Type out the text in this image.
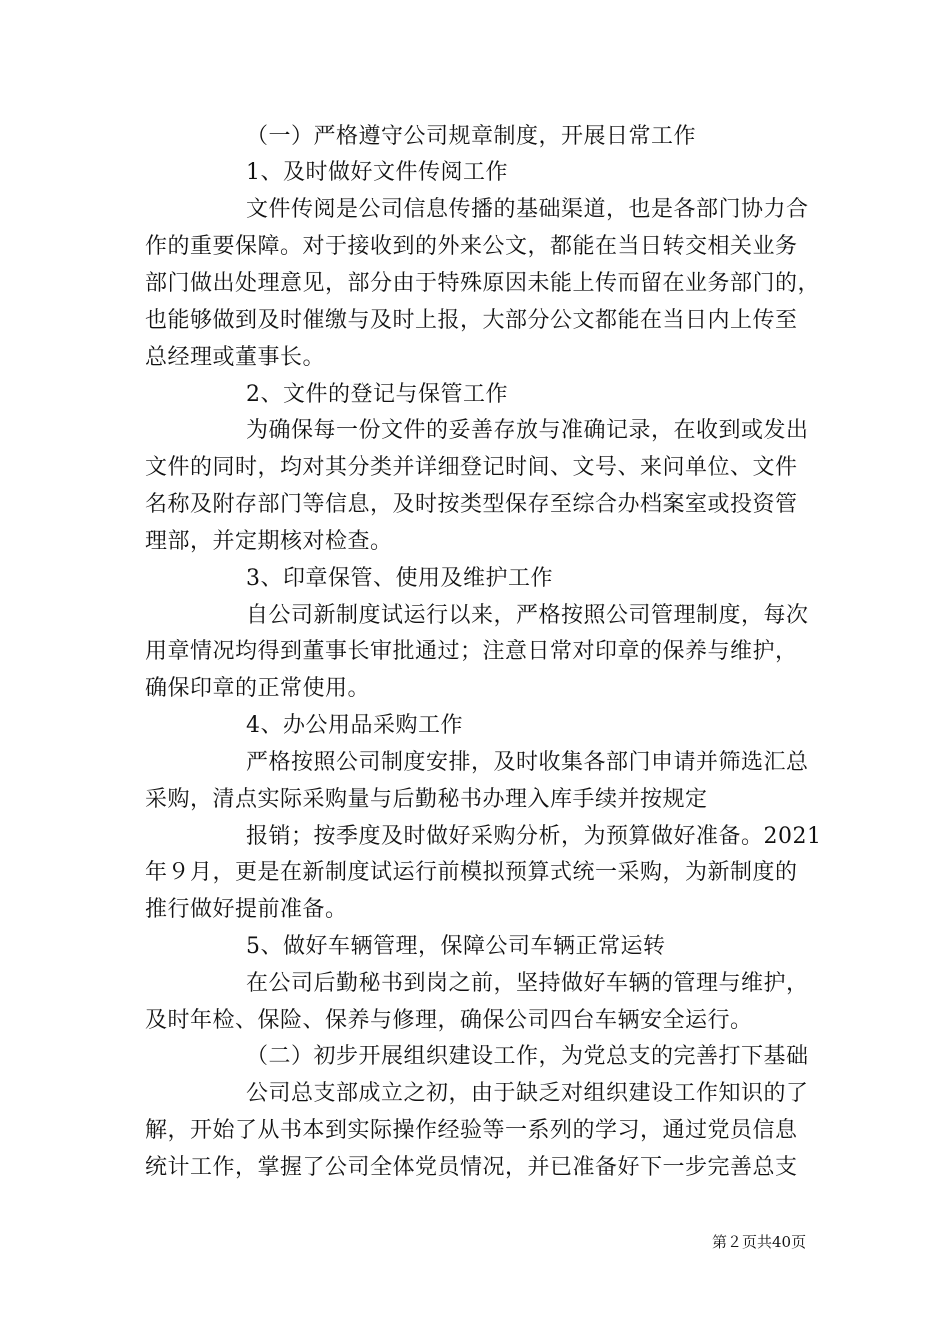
（一）严格遵守公司规章制度，开展日常工作
1、及时做好文件传阅工作
文件传阅是公司信息传播的基础渠道，也是各部门协力合
作的重要保障。对于接收到的外来公文，都能在当日转交相关业务
部门做出处理意见，部分由于特殊原因未能上传而留在业务部门的，
也能够做到及时催缴与及时上报，大部分公文都能在当日内上传至
总经理或董事长。
2、文件的登记与保管工作
为确保每一份文件的妥善存放与准确记录，在收到或发出
文件的同时，均对其分类并详细登记时间、文号、来问单位、文件
名称及附存部门等信息，及时按类型保存至综合办档案室或投资管
理部，并定期核对检查。
3、印章保管、使用及维护工作
自公司新制度试运行以来，严格按照公司管理制度，每次
用章情况均得到董事长审批通过；注意日常对印章的保养与维护，
确保印章的正常使用。
4、办公用品采购工作
严格按照公司制度安排，及时收集各部门申请并筛选汇总
采购，清点实际采购量与后勤秘书办理入库手续并按规定
报销；按季度及时做好采购分析，为预算做好准备。2021
年９月，更是在新制度试运行前模拟预算式统一采购，为新制度的
推行做好提前准备。
5、做好车辆管理，保障公司车辆正常运转
在公司后勤秘书到岗之前，坚持做好车辆的管理与维护，
及时年检、保险、保养与修理，确保公司四台车辆安全运行。
（二）初步开展组织建设工作，为党总支的完善打下基础
公司总支部成立之初，由于缺乏对组织建设工作知识的了
解，开始了从书本到实际操作经验等一系列的学习，通过党员信息
统计工作，掌握了公司全体党员情况，并已准备好下一步完善总支
第２页共40页
